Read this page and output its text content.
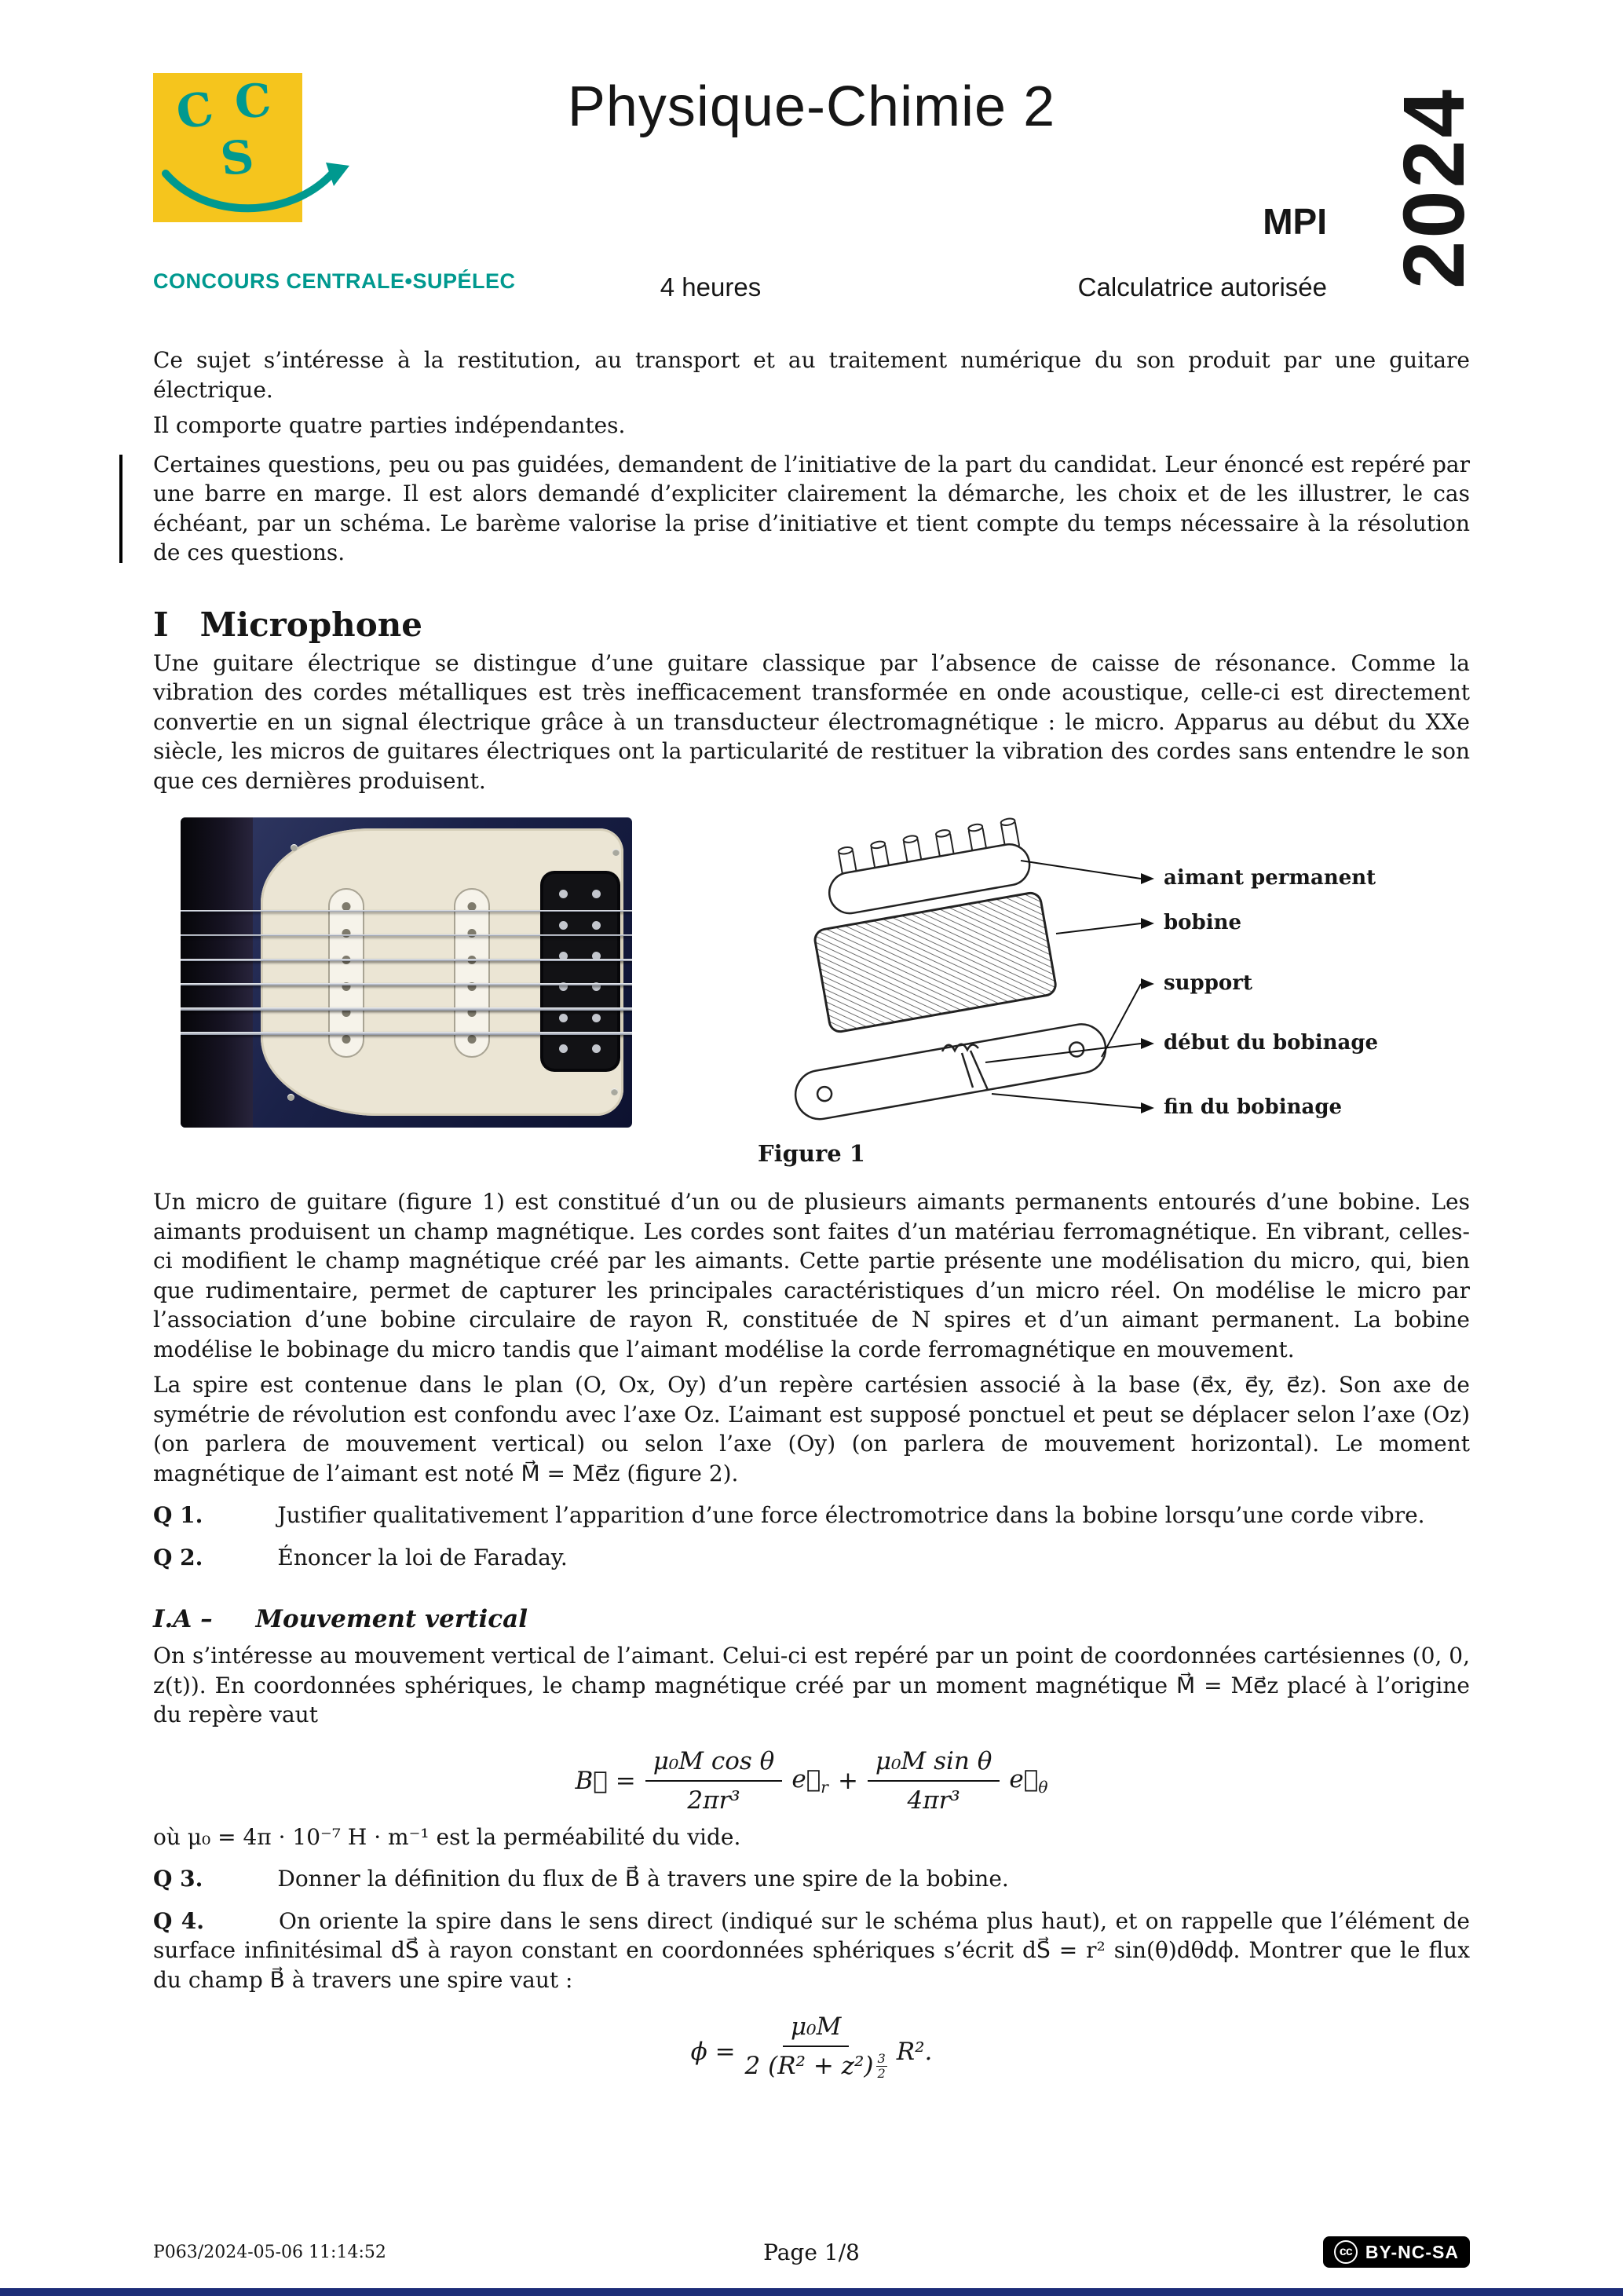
C C
S
CONCOURS CENTRALE•SUPÉLEC
Physique-Chimie 2
MPI
4 heures	Calculatrice autorisée 2024

Ce sujet s’intéresse à la restitution, au transport et au traitement numérique du son produit par une guitare électrique.

Il comporte quatre parties indépendantes.

Certaines questions, peu ou pas guidées, demandent de l’initiative de la part du candidat. Leur énoncé est repéré par une barre en marge. Il est alors demandé d’expliciter clairement la démarche, les choix et de les illustrer, le cas échéant, par un schéma. Le barème valorise la prise d’initiative et tient compte du temps nécessaire à la résolution de ces questions.

I Microphone

Une guitare électrique se distingue d’une guitare classique par l’absence de caisse de résonance. Comme la vibration des cordes métalliques est très inefficacement transformée en onde acoustique, celle-ci est directement convertie en un signal électrique grâce à un transducteur électromagnétique : le micro. Apparus au début du XXe siècle, les micros de guitares électriques ont la particularité de restituer la vibration des cordes sans entendre le son que ces dernières produisent.

aimant permanent
bobine
support
début du bobinage
fin du bobinage
Figure 1

Un micro de guitare (figure 1) est constitué d’un ou de plusieurs aimants permanents entourés d’une bobine. Les aimants produisent un champ magnétique. Les cordes sont faites d’un matériau ferromagnétique. En vibrant, celles-ci modifient le champ magnétique créé par les aimants. Cette partie présente une modélisation du micro, qui, bien que rudimentaire, permet de capturer les principales caractéristiques d’un micro réel. On modélise le micro par l’association d’une bobine circulaire de rayon R, constituée de N spires et d’un aimant permanent. La bobine modélise le bobinage du micro tandis que l’aimant modélise la corde ferromagnétique en mouvement.

La spire est contenue dans le plan (O, Ox, Oy) d’un repère cartésien associé à la base (e⃗x, e⃗y, e⃗z). Son axe de symétrie de révolution est confondu avec l’axe Oz. L’aimant est supposé ponctuel et peut se déplacer selon l’axe (Oz) (on parlera de mouvement vertical) ou selon l’axe (Oy) (on parlera de mouvement horizontal). Le moment magnétique de l’aimant est noté M⃗ = Me⃗z (figure 2).

Q 1.	Justifier qualitativement l’apparition d’une force électromotrice dans la bobine lorsqu’une corde vibre.

Q 2.	Énoncer la loi de Faraday.

I.A – Mouvement vertical

On s’intéresse au mouvement vertical de l’aimant. Celui-ci est repéré par un point de coordonnées cartésiennes (0, 0, z(t)). En coordonnées sphériques, le champ magnétique créé par un moment magnétique M⃗ = Me⃗z placé à l’origine du repère vaut

B⃗ = $\frac{\text{μ₀M cos θ}}{\text{2πr³}}$ $e⃗_r + \frac{\text{μ₀M sin θ}}{\text{4πr³}}$ $e⃗_\theta$

où μ₀ = 4π · 10⁻⁷ H · m⁻¹ est la perméabilité du vide.

Q 3.	Donner la définition du flux de B⃗ à travers une spire de la bobine.

Q 4.	On oriente la spire dans le sens direct (indiqué sur le schéma plus haut), et on rappelle que l’élément de surface infinitésimal dS⃗ à rayon constant en coordonnées sphériques s’écrit dS⃗ = r² sin(θ)dθdϕ. Montrer que le flux du champ B⃗ à travers une spire vaut :

$\phi = \frac{\text{μ₀M}}{2 (R^2 + z^2) \frac{3}{2}} R^2$.
P063/2024-05-06 11:14:52	Page 1/8	cc BY-NC-SA
